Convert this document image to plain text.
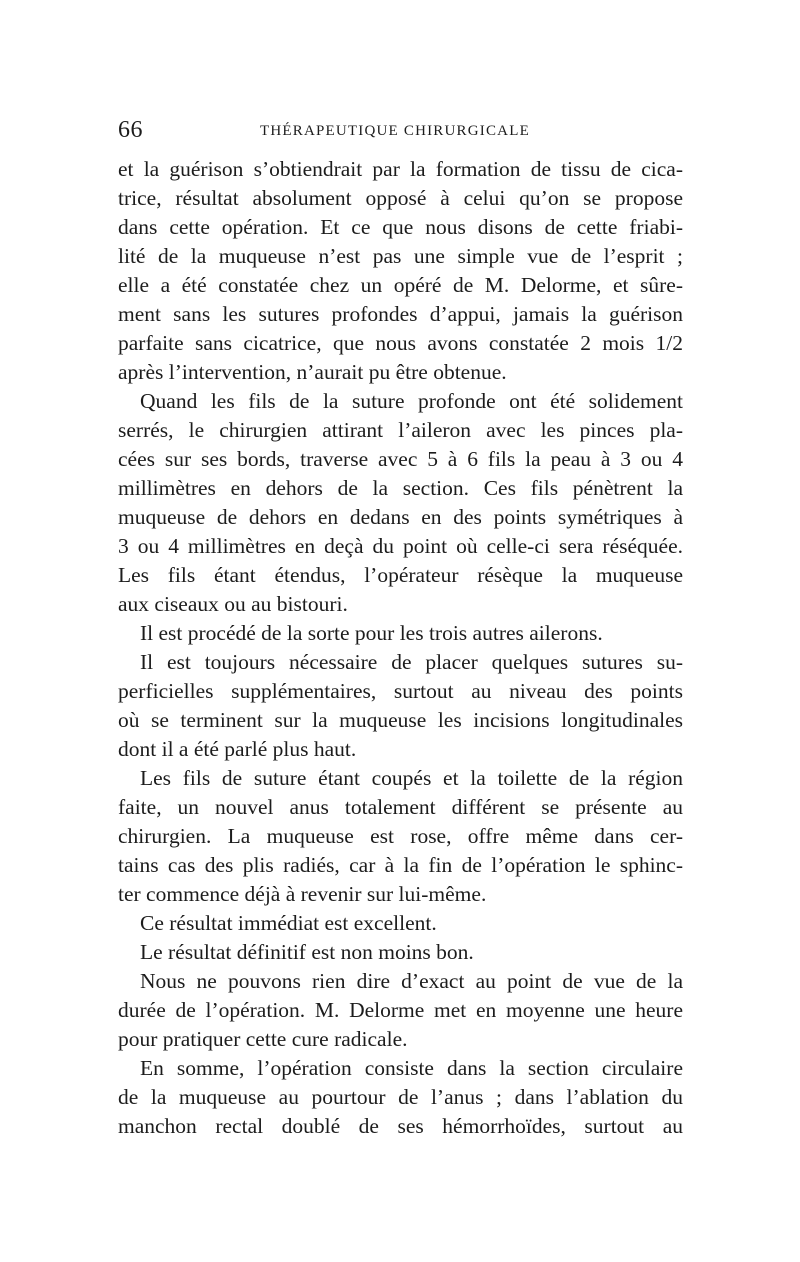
66	THÉRAPEUTIQUE CHIRURGICALE
et la guérison s’obtiendrait par la formation de tissu de cica-
trice, résultat absolument opposé à celui qu’on se propose
dans cette opération. Et ce que nous disons de cette friabi-
lité de la muqueuse n’est pas une simple vue de l’esprit ;
elle a été constatée chez un opéré de M. Delorme, et sûre-
ment sans les sutures profondes d’appui, jamais la guérison
parfaite sans cicatrice, que nous avons constatée 2 mois 1/2
après l’intervention, n’aurait pu être obtenue.
Quand les fils de la suture profonde ont été solidement
serrés, le chirurgien attirant l’aileron avec les pinces pla-
cées sur ses bords, traverse avec 5 à 6 fils la peau à 3 ou 4
millimètres en dehors de la section. Ces fils pénètrent la
muqueuse de dehors en dedans en des points symétriques à
3 ou 4 millimètres en deçà du point où celle-ci sera réséquée.
Les fils étant étendus, l’opérateur résèque la muqueuse
aux ciseaux ou au bistouri.
Il est procédé de la sorte pour les trois autres ailerons.
Il est toujours nécessaire de placer quelques sutures su-
perficielles supplémentaires, surtout au niveau des points
où se terminent sur la muqueuse les incisions longitudinales
dont il a été parlé plus haut.
Les fils de suture étant coupés et la toilette de la région
faite, un nouvel anus totalement différent se présente au
chirurgien. La muqueuse est rose, offre même dans cer-
tains cas des plis radiés, car à la fin de l’opération le sphinc-
ter commence déjà à revenir sur lui-même.
Ce résultat immédiat est excellent.
Le résultat définitif est non moins bon.
Nous ne pouvons rien dire d’exact au point de vue de la
durée de l’opération. M. Delorme met en moyenne une heure
pour pratiquer cette cure radicale.
En somme, l’opération consiste dans la section circulaire
de la muqueuse au pourtour de l’anus ; dans l’ablation du
manchon rectal doublé de ses hémorrhoïdes, surtout au
